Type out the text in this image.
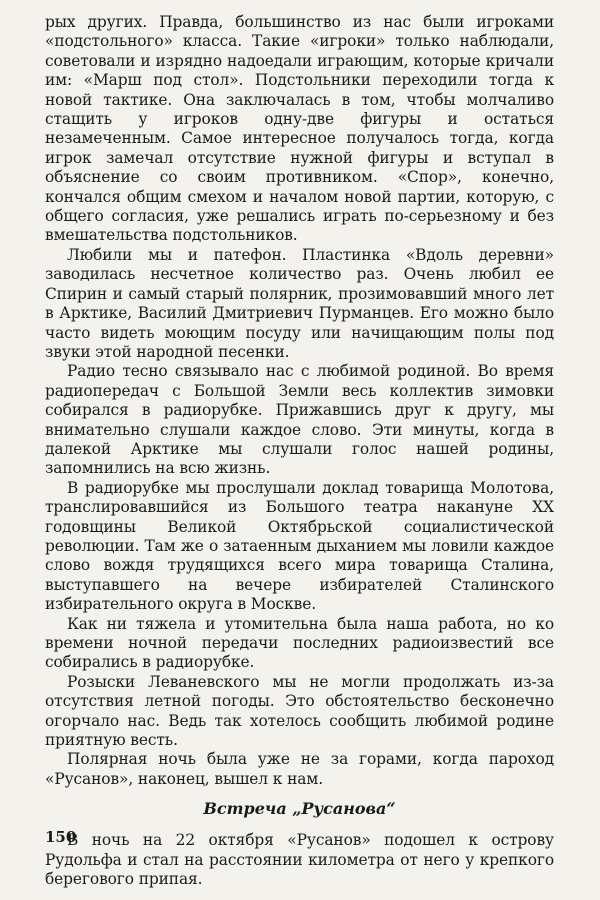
рых других. Правда, большинство из нас были игроками «подстольного» класса. Такие «игроки» только наблюдали, советовали и изрядно надоедали играющим, которые кричали им: «Марш под стол». Подстольники переходили тогда к новой тактике. Она заключалась в том, чтобы молчаливо стащить у игроков одну-две фигуры и остаться незамеченным. Самое интересное получалось тогда, когда игрок замечал отсутствие нужной фигуры и вступал в объяснение со своим противником. «Спор», конечно, кончался общим смехом и началом новой партии, которую, с общего согласия, уже решались играть по-серьезному и без вмешательства подстольников.

Любили мы и патефон. Пластинка «Вдоль деревни» заводилась несчетное количество раз. Очень любил ее Спирин и самый старый полярник, прозимовавший много лет в Арктике, Василий Дмитриевич Пурманцев. Его можно было часто видеть моющим посуду или начищающим полы под звуки этой народной песенки.

Радио тесно связывало нас с любимой родиной. Во время радиопередач с Большой Земли весь коллектив зимовки собирался в радиорубке. Прижавшись друг к другу, мы внимательно слушали каждое слово. Эти минуты, когда в далекой Арктике мы слушали голос нашей родины, запомнились на всю жизнь.

В радиорубке мы прослушали доклад товарища Молотова, транслировавшийся из Большого театра накануне XX годовщины Великой Октябрьской социалистической революции. Там же о затаенным дыханием мы ловили каждое слово вождя трудящихся всего мира товарища Сталина, выступавшего на вечере избирателей Сталинского избирательного округа в Москве.

Как ни тяжела и утомительна была наша работа, но ко времени ночной передачи последних радиоизвестий все собирались в радиорубке.

Розыски Леваневского мы не могли продолжать из-за отсутствия летной погоды. Это обстоятельство бесконечно огорчало нас. Ведь так хотелось сообщить любимой родине приятную весть.

Полярная ночь была уже не за горами, когда пароход «Русанов», наконец, вышел к нам.

Встреча „Русанова“

В ночь на 22 октября «Русанов» подошел к острову Рудольфа и стал на расстоянии километра от него у крепкого берегового припая.

150
